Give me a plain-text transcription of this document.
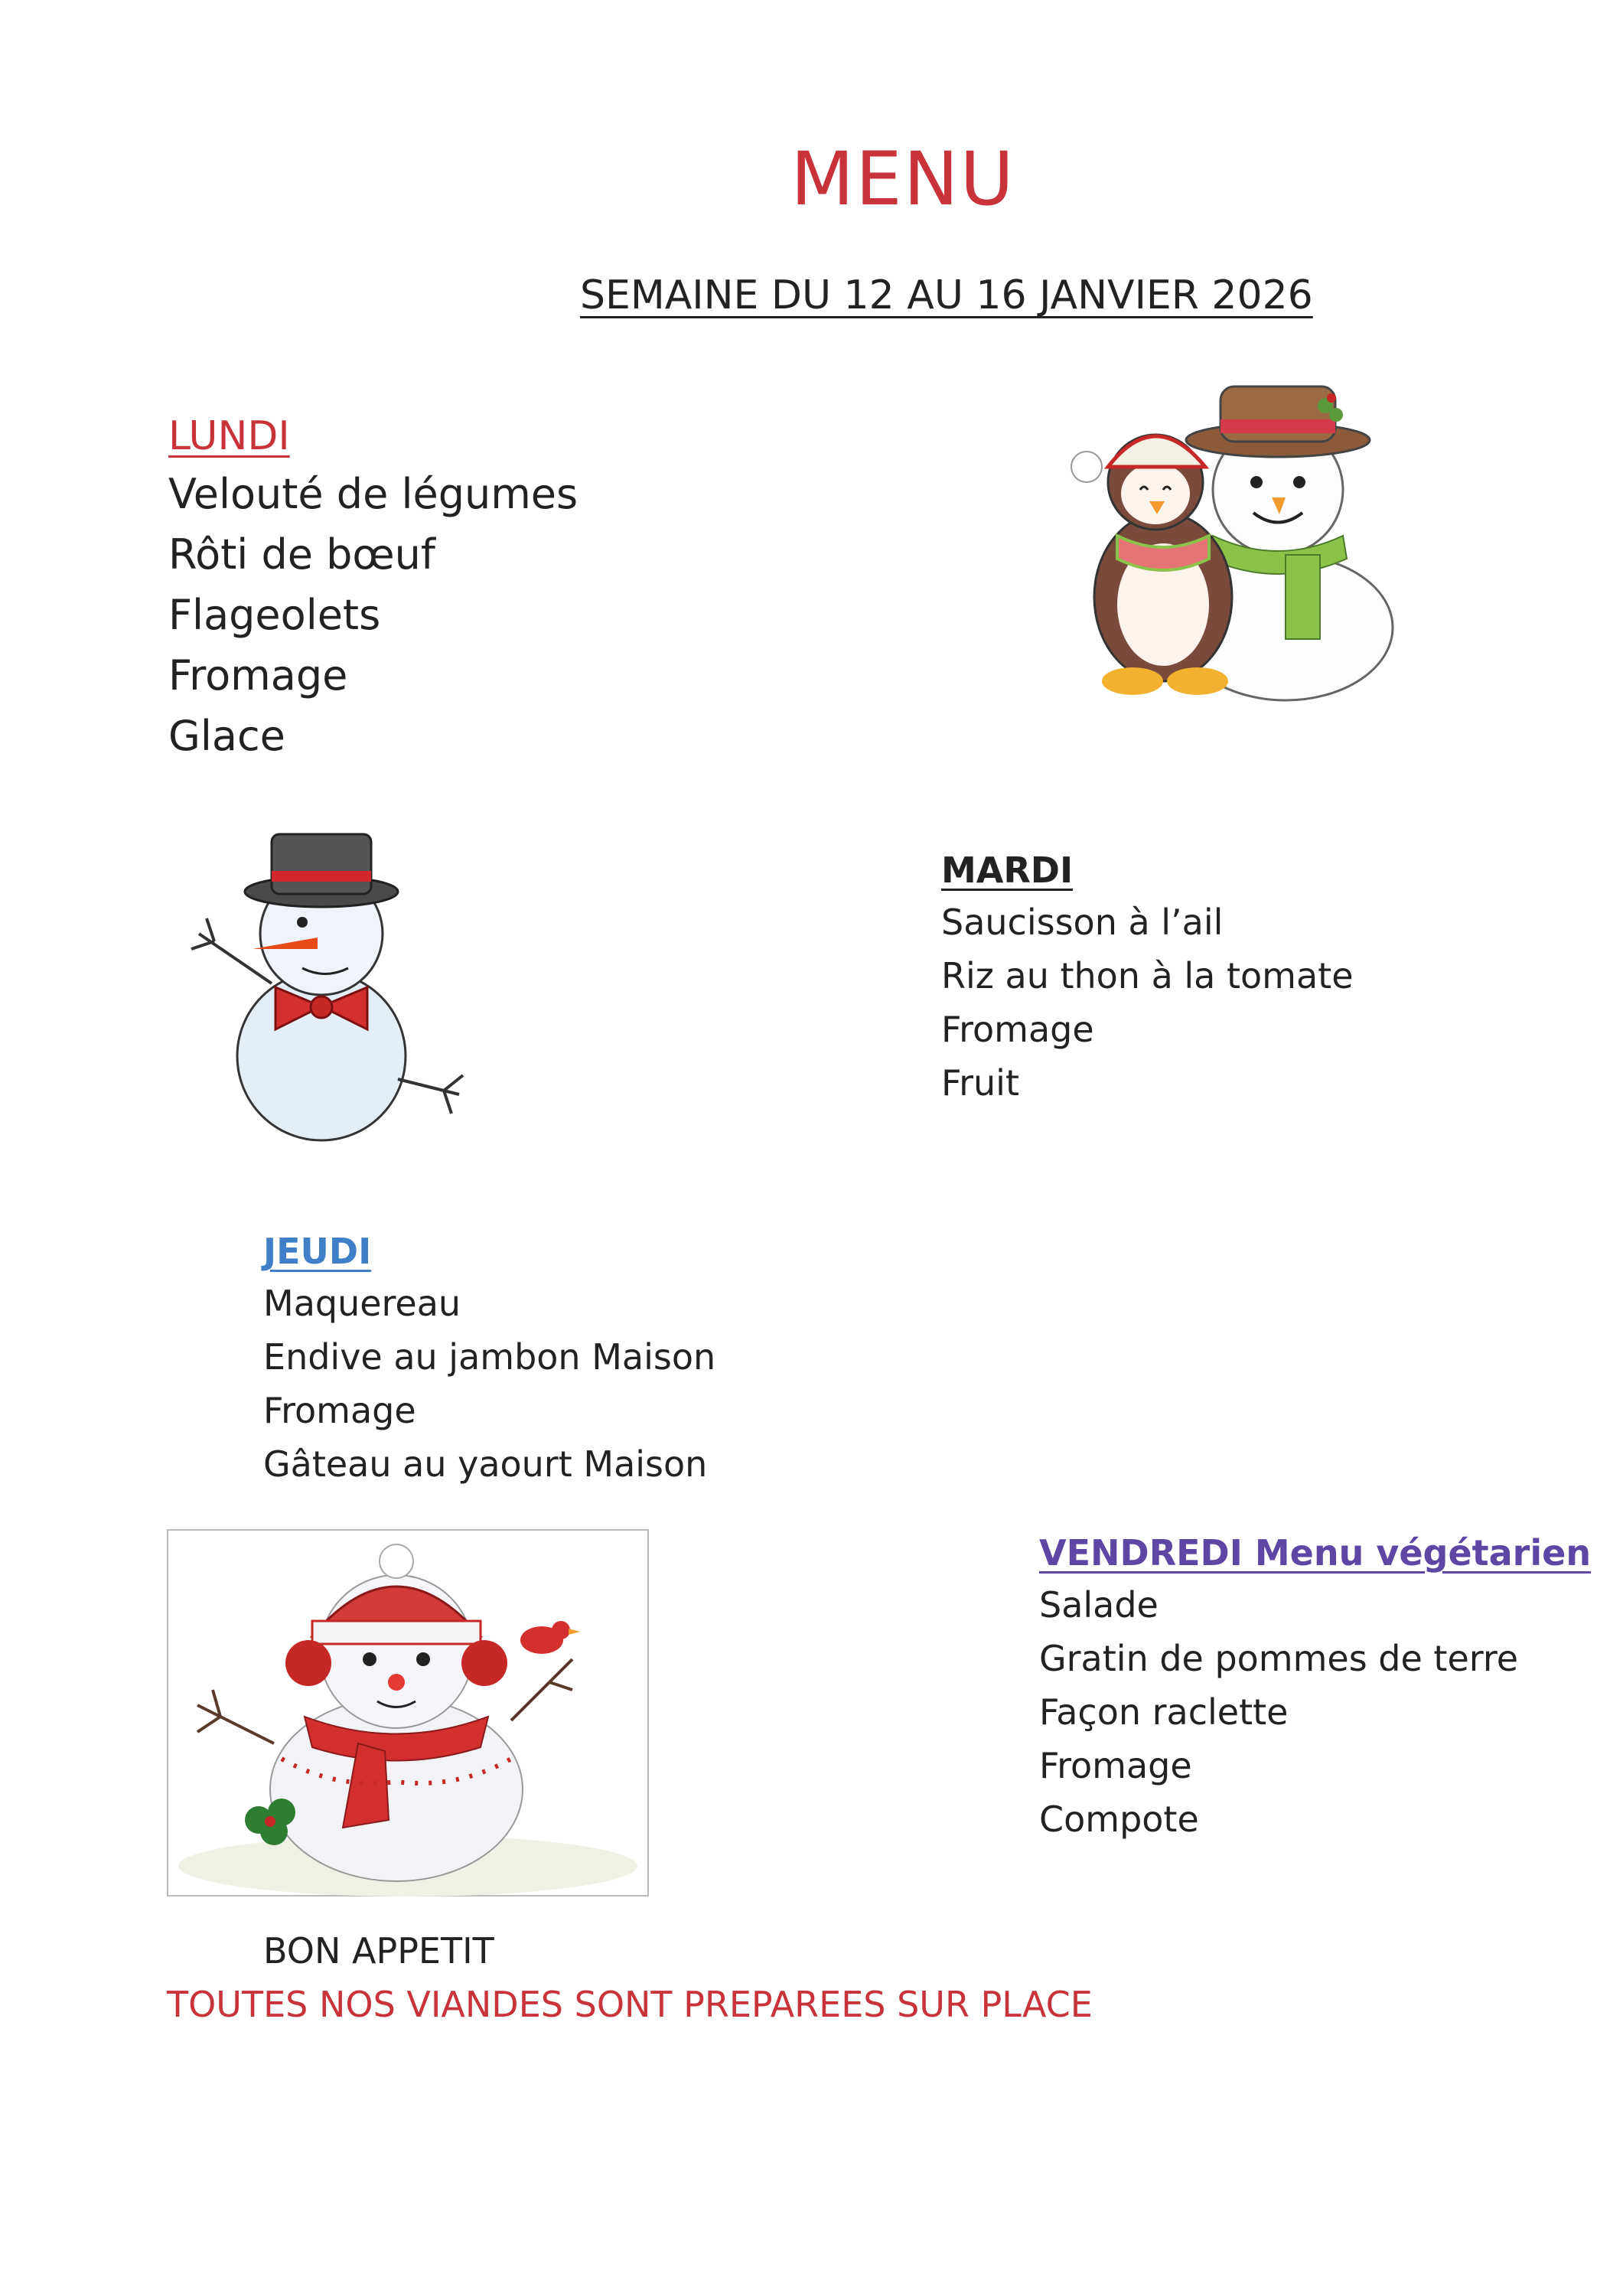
MENU
SEMAINE DU 12 AU 16 JANVIER 2026
LUNDI
Velouté de légumes
Rôti de bœuf
Flageolets
Fromage
Glace
MARDI
Saucisson à l’ail
Riz au thon à la tomate
Fromage
Fruit
JEUDI
Maquereau
Endive au jambon Maison
Fromage
Gâteau au yaourt Maison
VENDREDI Menu végétarien
Salade
Gratin de pommes de terre
Façon raclette
Fromage
Compote
BON APPETIT
TOUTES NOS VIANDES SONT PREPAREES SUR PLACE
